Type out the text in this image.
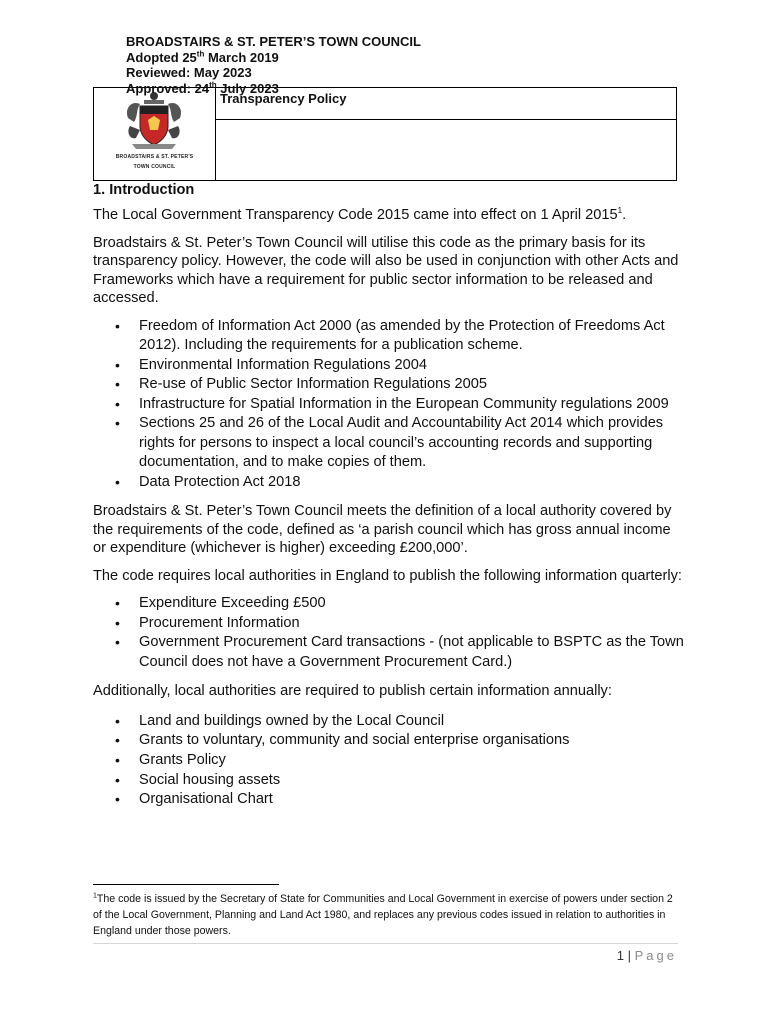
BROADSTAIRS & ST. PETER'S
TOWN COUNCIL
Transparency Policy
BROADSTAIRS & ST. PETER’S TOWN COUNCIL
Adopted 25th March 2019
Reviewed: May 2023
Approved: 24th July 2023
1. Introduction

The Local Government Transparency Code 2015 came into effect on 1 April 2015$^1$.

Broadstairs & St. Peter’s Town Council will utilise this code as the primary basis for its transparency policy. However, the code will also be used in conjunction with other Acts and Frameworks which have a requirement for public sector information to be released and accessed.

• Freedom of Information Act 2000 (as amended by the Protection of Freedoms Act 2012). Including the requirements for a publication scheme.
• Environmental Information Regulations 2004
• Re-use of Public Sector Information Regulations 2005
• Infrastructure for Spatial Information in the European Community regulations 2009
• Sections 25 and 26 of the Local Audit and Accountability Act 2014 which provides rights for persons to inspect a local council’s accounting records and supporting documentation, and to make copies of them.
• Data Protection Act 2018

Broadstairs & St. Peter’s Town Council meets the definition of a local authority covered by the requirements of the code, defined as ‘a parish council which has gross annual income or expenditure (whichever is higher) exceeding £200,000’.

The code requires local authorities in England to publish the following information quarterly:

• Expenditure Exceeding £500
• Procurement Information
• Government Procurement Card transactions - (not applicable to BSPTC as the Town Council does not have a Government Procurement Card.)

Additionally, local authorities are required to publish certain information annually:

• Land and buildings owned by the Local Council
• Grants to voluntary, community and social enterprise organisations
• Grants Policy
• Social housing assets
• Organisational Chart
$^1$The code is issued by the Secretary of State for Communities and Local Government in exercise of powers under section 2 of the Local Government, Planning and Land Act 1980, and replaces any previous codes issued in relation to authorities in England under those powers.
1 | Page
